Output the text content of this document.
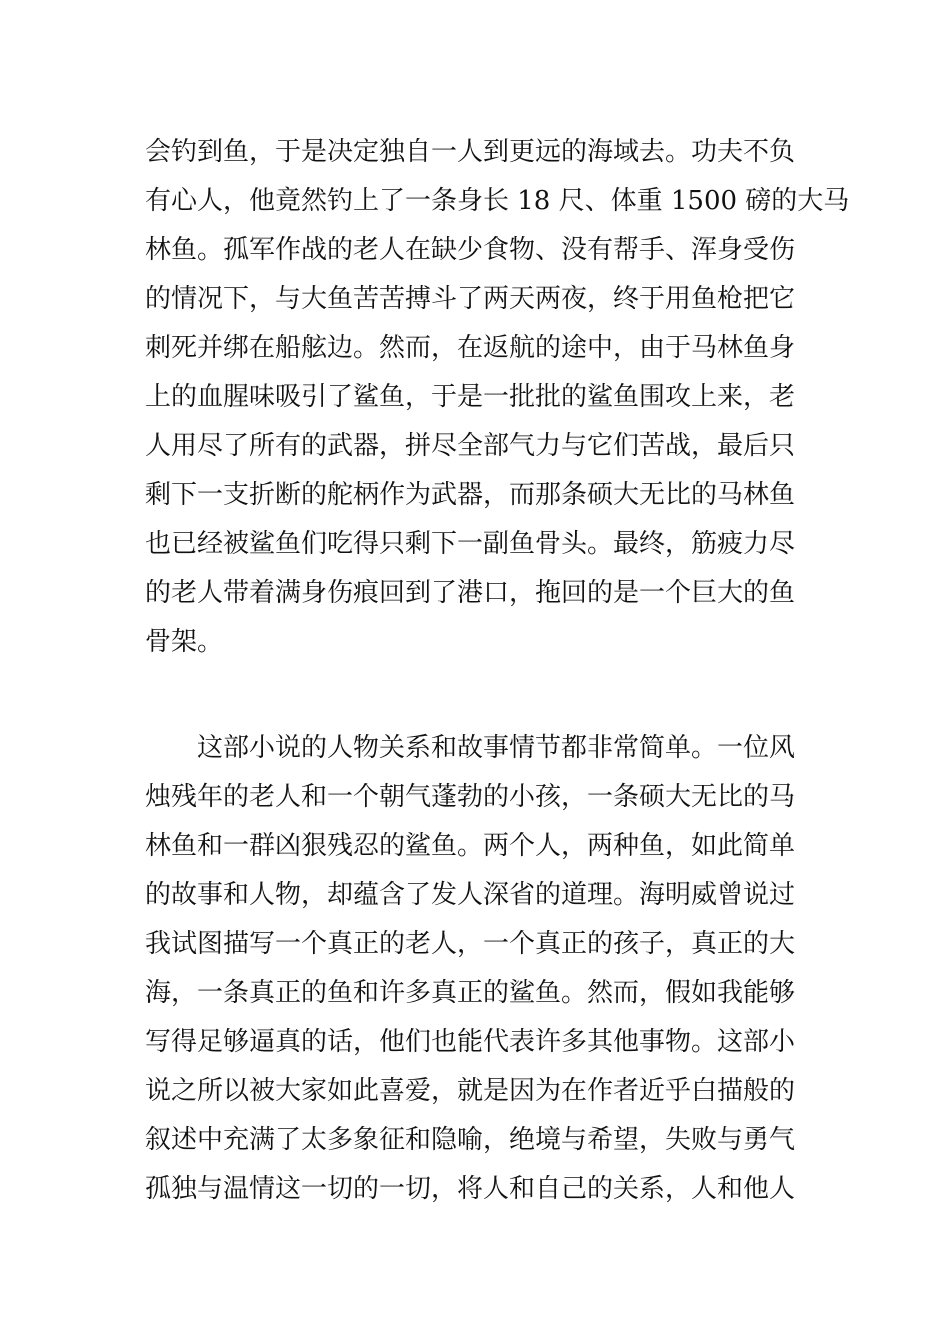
会钓到鱼，于是决定独自一人到更远的海域去。功夫不负
有心人，他竟然钓上了一条身长 18 尺、体重 1500 磅的大马
林鱼。孤军作战的老人在缺少食物、没有帮手、浑身受伤
的情况下，与大鱼苦苦搏斗了两天两夜，终于用鱼枪把它
刺死并绑在船舷边。然而，在返航的途中，由于马林鱼身
上的血腥味吸引了鲨鱼，于是一批批的鲨鱼围攻上来，老
人用尽了所有的武器，拼尽全部气力与它们苦战，最后只
剩下一支折断的舵柄作为武器，而那条硕大无比的马林鱼
也已经被鲨鱼们吃得只剩下一副鱼骨头。最终，筋疲力尽
的老人带着满身伤痕回到了港口，拖回的是一个巨大的鱼
骨架。
这部小说的人物关系和故事情节都非常简单。一位风
烛残年的老人和一个朝气蓬勃的小孩，一条硕大无比的马
林鱼和一群凶狠残忍的鲨鱼。两个人，两种鱼，如此简单
的故事和人物，却蕴含了发人深省的道理。海明威曾说过
我试图描写一个真正的老人，一个真正的孩子，真正的大
海，一条真正的鱼和许多真正的鲨鱼。然而，假如我能够
写得足够逼真的话，他们也能代表许多其他事物。这部小
说之所以被大家如此喜爱，就是因为在作者近乎白描般的
叙述中充满了太多象征和隐喻，绝境与希望，失败与勇气
孤独与温情这一切的一切，将人和自己的关系，人和他人
